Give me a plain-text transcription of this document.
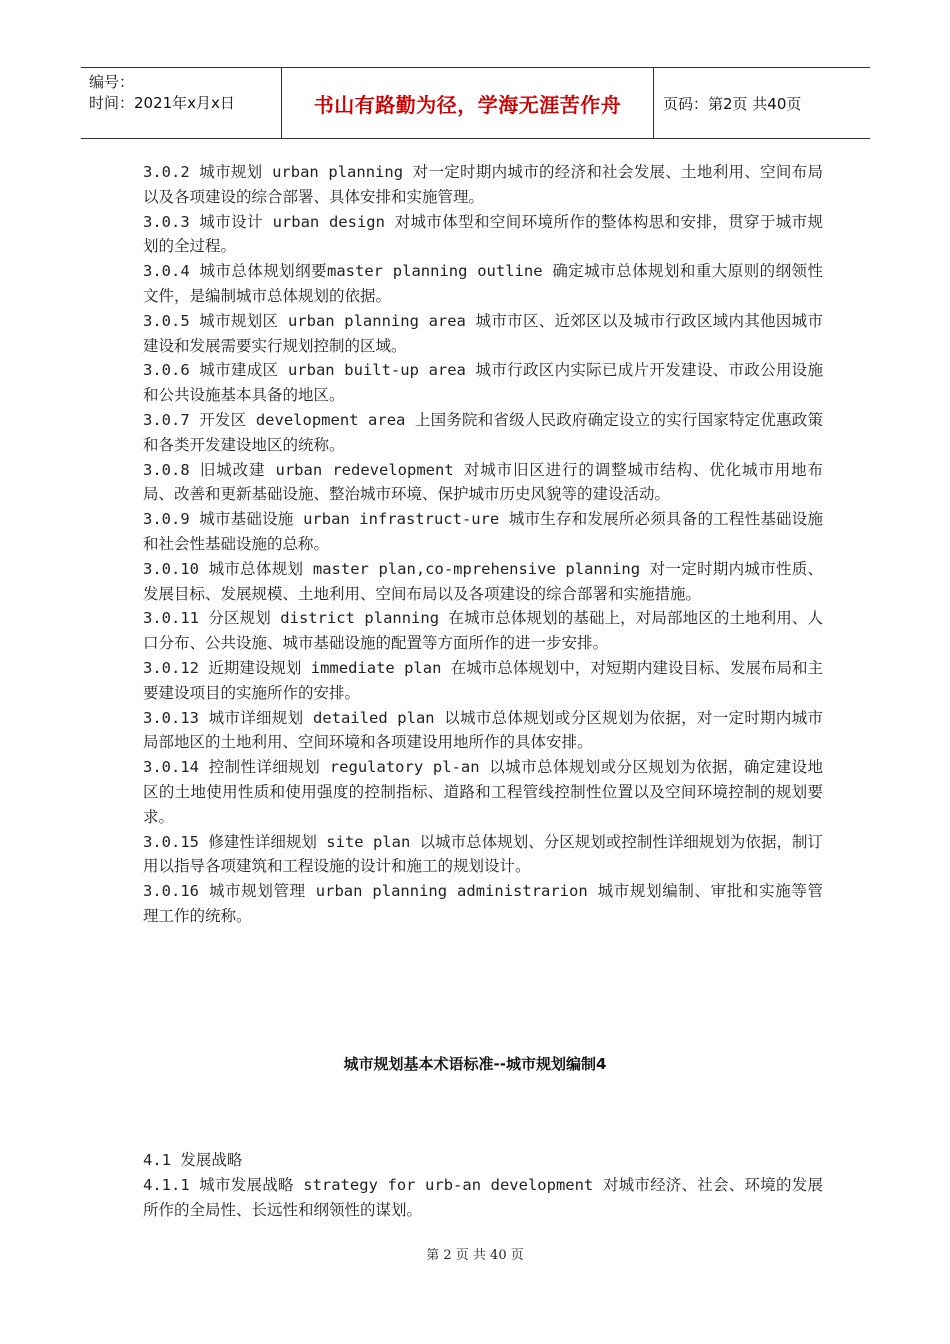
编号：
时间：2021年x月x日	书山有路勤为径，学海无涯苦作舟	页码：第2页 共40页

3.0.2 城市规划 urban planning 对一定时期内城市的经济和社会发展、土地利用、空间布局以及各项建设的综合部署、具体安排和实施管理。

3.0.3 城市设计 urban design 对城市体型和空间环境所作的整体构思和安排，贯穿于城市规划的全过程。

3.0.4 城市总体规划纲要master planning outline 确定城市总体规划和重大原则的纲领性文件，是编制城市总体规划的依据。

3.0.5 城市规划区 urban planning area 城市市区、近郊区以及城市行政区域内其他因城市建设和发展需要实行规划控制的区域。

3.0.6 城市建成区 urban built-up area 城市行政区内实际已成片开发建设、市政公用设施和公共设施基本具备的地区。

3.0.7 开发区 development area 上国务院和省级人民政府确定设立的实行国家特定优惠政策和各类开发建设地区的统称。

3.0.8 旧城改建 urban redevelopment 对城市旧区进行的调整城市结构、优化城市用地布局、改善和更新基础设施、整治城市环境、保护城市历史风貌等的建设活动。

3.0.9 城市基础设施 urban infrastruct-ure 城市生存和发展所必须具备的工程性基础设施和社会性基础设施的总称。

3.0.10 城市总体规划 master plan,co-mprehensive planning 对一定时期内城市性质、发展目标、发展规模、土地利用、空间布局以及各项建设的综合部署和实施措施。

3.0.11 分区规划 district planning 在城市总体规划的基础上，对局部地区的土地利用、人口分布、公共设施、城市基础设施的配置等方面所作的进一步安排。

3.0.12 近期建设规划 immediate plan 在城市总体规划中，对短期内建设目标、发展布局和主要建设项目的实施所作的安排。

3.0.13 城市详细规划 detailed plan 以城市总体规划或分区规划为依据，对一定时期内城市局部地区的土地利用、空间环境和各项建设用地所作的具体安排。

3.0.14 控制性详细规划 regulatory pl-an 以城市总体规划或分区规划为依据，确定建设地区的土地使用性质和使用强度的控制指标、道路和工程管线控制性位置以及空间环境控制的规划要求。

3.0.15 修建性详细规划 site plan 以城市总体规划、分区规划或控制性详细规划为依据，制订用以指导各项建筑和工程设施的设计和施工的规划设计。

3.0.16 城市规划管理 urban planning administrarion 城市规划编制、审批和实施等管理工作的统称。

城市规划基本术语标准--城市规划编制4

4.1 发展战略

4.1.1 城市发展战略 strategy for urb-an development 对城市经济、社会、环境的发展所作的全局性、长远性和纲领性的谋划。

第 2 页 共 40 页
